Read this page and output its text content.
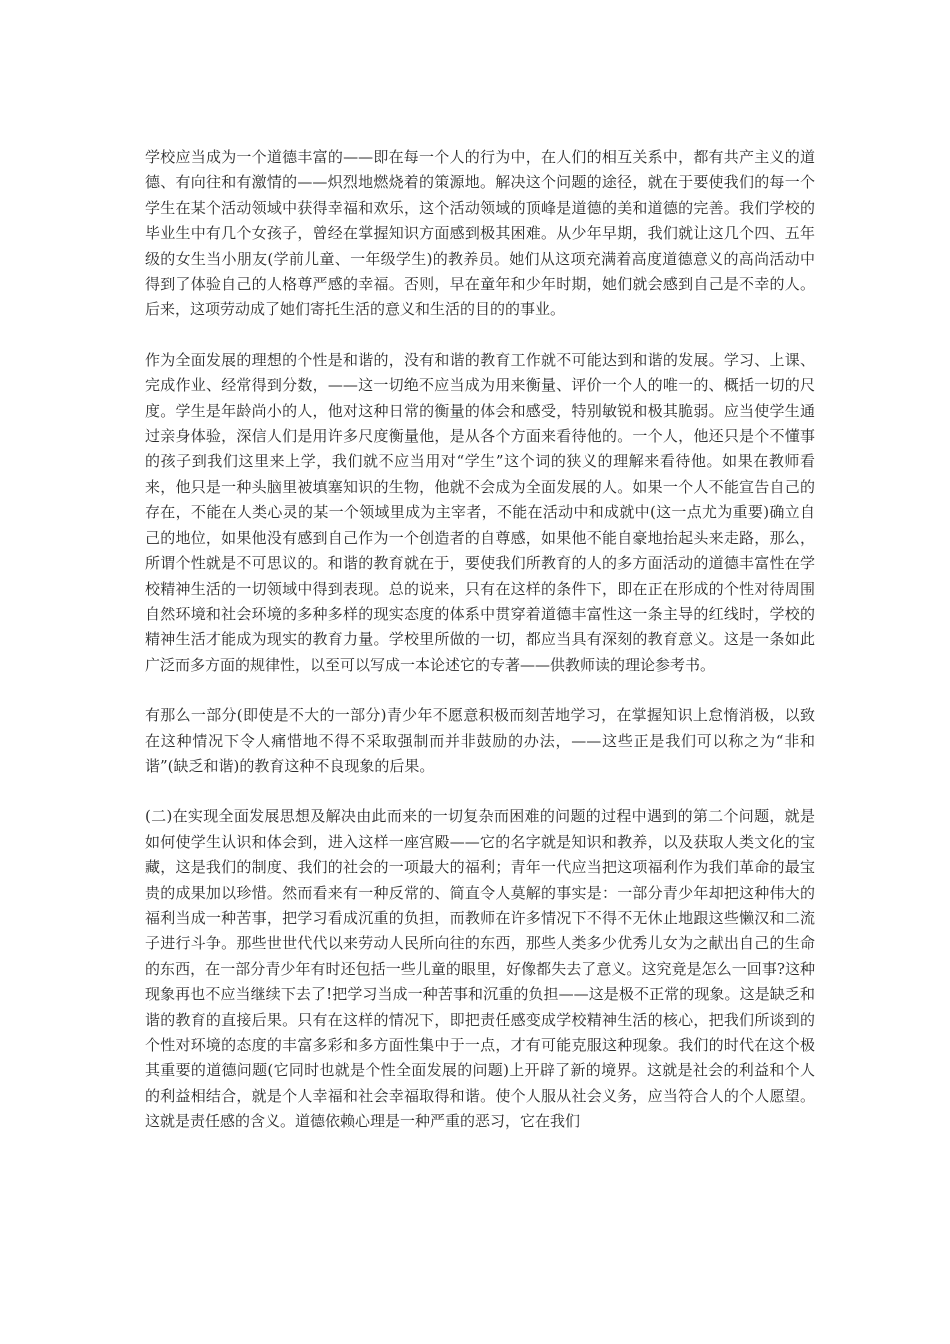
学校应当成为一个道德丰富的——即在每一个人的行为中，在人们的相互关系中，都有共产主义的道德、有向往和有激情的——炽烈地燃烧着的策源地。解决这个问题的途径，就在于要使我们的每一个学生在某个活动领域中获得幸福和欢乐，这个活动领域的顶峰是道德的美和道德的完善。我们学校的毕业生中有几个女孩子，曾经在掌握知识方面感到极其困难。从少年早期，我们就让这几个四、五年级的女生当小朋友(学前儿童、一年级学生)的教养员。她们从这项充满着高度道德意义的高尚活动中得到了体验自己的人格尊严感的幸福。否则，早在童年和少年时期，她们就会感到自己是不幸的人。后来，这项劳动成了她们寄托生活的意义和生活的目的的事业。

作为全面发展的理想的个性是和谐的，没有和谐的教育工作就不可能达到和谐的发展。学习、上课、完成作业、经常得到分数，——这一切绝不应当成为用来衡量、评价一个人的唯一的、概括一切的尺度。学生是年龄尚小的人，他对这种日常的衡量的体会和感受，特别敏锐和极其脆弱。应当使学生通过亲身体验，深信人们是用许多尺度衡量他，是从各个方面来看待他的。一个人，他还只是个不懂事的孩子到我们这里来上学，我们就不应当用对“学生”这个词的狭义的理解来看待他。如果在教师看来，他只是一种头脑里被填塞知识的生物，他就不会成为全面发展的人。如果一个人不能宣告自己的存在，不能在人类心灵的某一个领域里成为主宰者，不能在活动中和成就中(这一点尤为重要)确立自己的地位，如果他没有感到自己作为一个创造者的自尊感，如果他不能自豪地抬起头来走路，那么，所谓个性就是不可思议的。和谐的教育就在于，要使我们所教育的人的多方面活动的道德丰富性在学校精神生活的一切领域中得到表现。总的说来，只有在这样的条件下，即在正在形成的个性对待周围自然环境和社会环境的多种多样的现实态度的体系中贯穿着道德丰富性这一条主导的红线时，学校的精神生活才能成为现实的教育力量。学校里所做的一切，都应当具有深刻的教育意义。这是一条如此广泛而多方面的规律性，以至可以写成一本论述它的专著——供教师读的理论参考书。

有那么一部分(即使是不大的一部分)青少年不愿意积极而刻苦地学习，在掌握知识上怠惰消极，以致在这种情况下令人痛惜地不得不采取强制而并非鼓励的办法，——这些正是我们可以称之为“非和谐”(缺乏和谐)的教育这种不良现象的后果。

(二)在实现全面发展思想及解决由此而来的一切复杂而困难的问题的过程中遇到的第二个问题，就是如何使学生认识和体会到，进入这样一座宫殿——它的名字就是知识和教养，以及获取人类文化的宝藏，这是我们的制度、我们的社会的一项最大的福利；青年一代应当把这项福利作为我们革命的最宝贵的成果加以珍惜。然而看来有一种反常的、简直令人莫解的事实是：一部分青少年却把这种伟大的福利当成一种苦事，把学习看成沉重的负担，而教师在许多情况下不得不无休止地跟这些懒汉和二流子进行斗争。那些世世代代以来劳动人民所向往的东西，那些人类多少优秀儿女为之献出自己的生命的东西，在一部分青少年有时还包括一些儿童的眼里，好像都失去了意义。这究竟是怎么一回事?这种现象再也不应当继续下去了!把学习当成一种苦事和沉重的负担——这是极不正常的现象。这是缺乏和谐的教育的直接后果。只有在这样的情况下，即把责任感变成学校精神生活的核心，把我们所谈到的个性对环境的态度的丰富多彩和多方面性集中于一点，才有可能克服这种现象。我们的时代在这个极其重要的道德问题(它同时也就是个性全面发展的问题)上开辟了新的境界。这就是社会的利益和个人的利益相结合，就是个人幸福和社会幸福取得和谐。使个人服从社会义务，应当符合人的个人愿望。这就是责任感的含义。道德依赖心理是一种严重的恶习，它在我们
